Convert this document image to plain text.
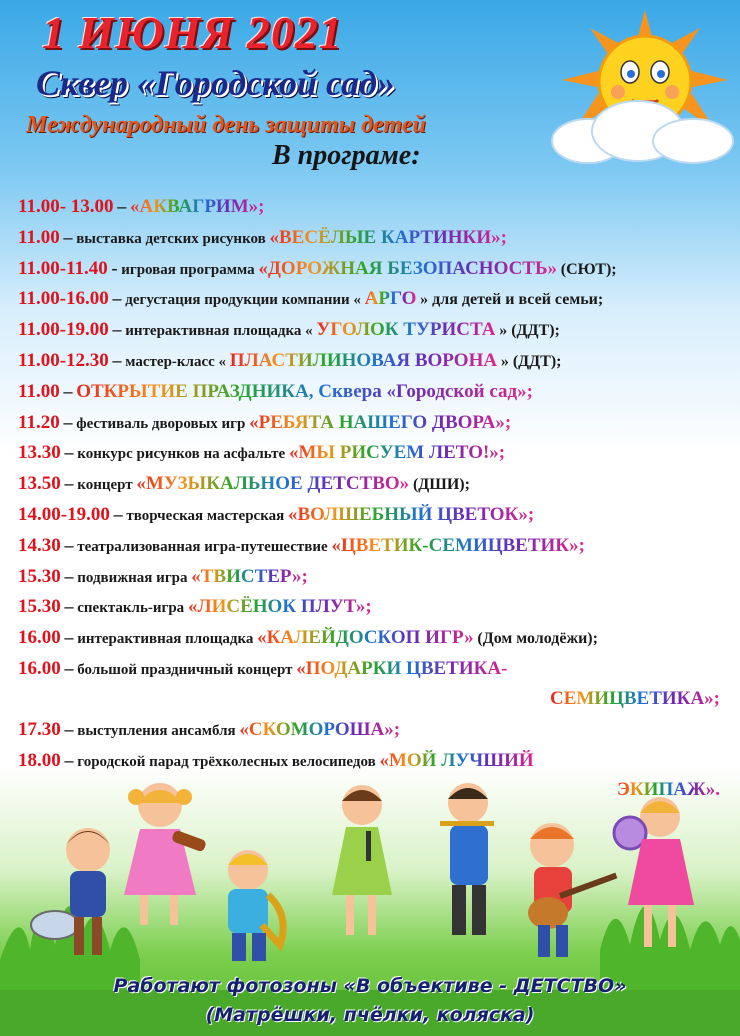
1 ИЮНЯ 2021
Сквер «Городской сад»
Международный день защиты детей
В програме:
11.00- 13.00 – «АКВАГРИМ»;
11.00 – выставка детских рисунков «ВЕСЁЛЫЕ КАРТИНКИ»;
11.00-11.40 - игровая программа «ДОРОЖНАЯ БЕЗОПАСНОСТЬ» (СЮТ);
11.00-16.00 – дегустация продукции компании « АРГО » для детей и всей семьи;
11.00-19.00 – интерактивная площадка « УГОЛОК ТУРИСТА » (ДДТ);
11.00-12.30 – мастер-класс « ПЛАСТИЛИНОВАЯ ВОРОНА » (ДДТ);
11.00 – ОТКРЫТИЕ ПРАЗДНИКА, Сквера «Городской сад»;
11.20 – фестиваль дворовых игр «РЕБЯТА НАШЕГО ДВОРА»;
13.30 – конкурс рисунков на асфальте «МЫ РИСУЕМ ЛЕТО!»;
13.50 – концерт «МУЗЫКАЛЬНОЕ ДЕТСТВО» (ДШИ);
14.00-19.00 – творческая мастерская «ВОЛШЕБНЫЙ ЦВЕТОК»;
14.30 – театрализованная игра-путешествие «ЦВЕТИК-СЕМИЦВЕТИК»;
15.30 – подвижная игра «ТВИСТЕР»;
15.30 – спектакль-игра «ЛИСЁНОК ПЛУТ»;
16.00 – интерактивная площадка «КАЛЕЙДОСКОП ИГР» (Дом молодёжи);
16.00 – большой праздничный концерт «ПОДАРКИ ЦВЕТИКА-
СЕМИЦВЕТИКА»;
17.30 – выступления ансамбля «СКОМОРОША»;
18.00 – городской парад трёхколесных велосипедов «МОЙ ЛУЧШИЙ
ЭКИПАЖ».
Работают фотозоны «В объективе - ДЕТСТВО»
(Матрёшки, пчёлки, коляска)
